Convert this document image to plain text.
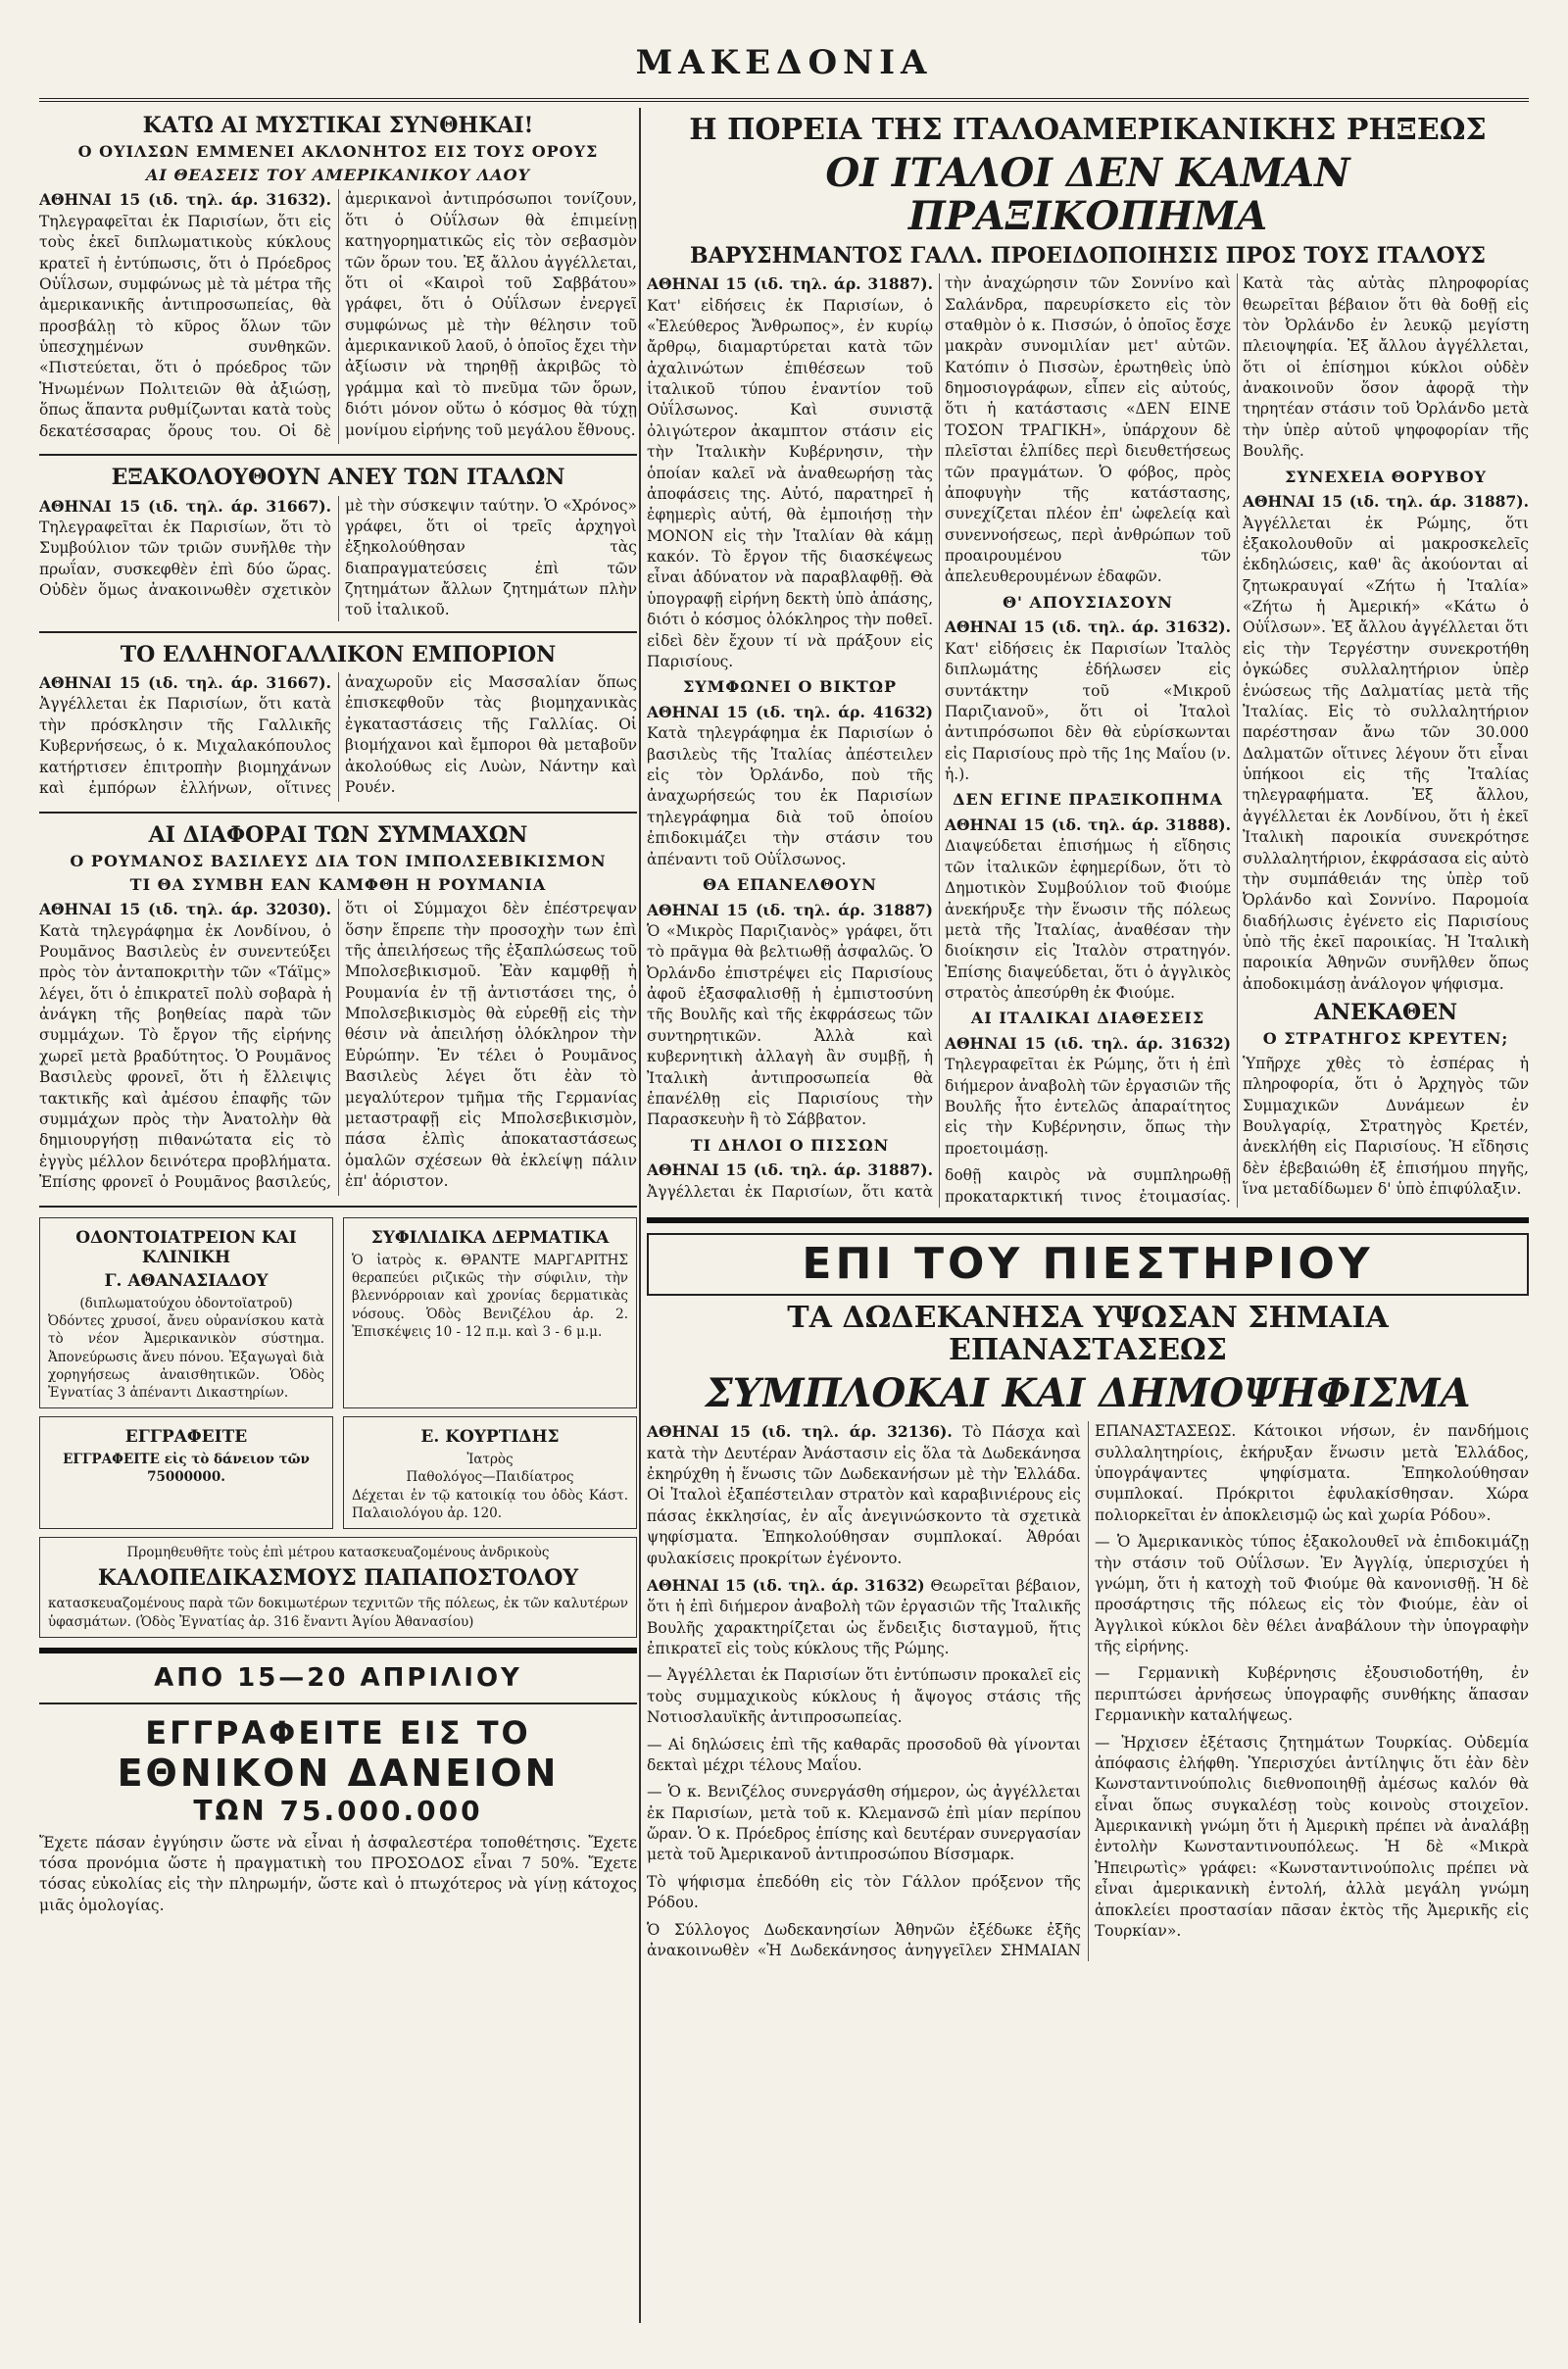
ΜΑΚΕΔΟΝΙΑ
ΚΑΤΩ ΑΙ ΜΥΣΤΙΚΑΙ ΣΥΝΘΗΚΑΙ!
Ο ΟΥΙΛΣΩΝ ΕΜΜΕΝΕΙ ΑΚΛΟΝΗΤΟΣ ΕΙΣ ΤΟΥΣ ΟΡΟΥΣ
ΑΙ ΘΕΑΣΕΙΣ ΤΟΥ ΑΜΕΡΙΚΑΝΙΚΟΥ ΛΑΟΥ

ΑΘΗΝΑΙ 15 (ιδ. τηλ. άρ. 31632). Τηλεγραφεῖται ἐκ Παρισίων, ὅτι εἰς τοὺς ἐκεῖ διπλωματικοὺς κύκλους κρατεῖ ἡ ἐντύπωσις, ὅτι ὁ Πρόεδρος Οὐΐλσων, συμφώνως μὲ τὰ μέτρα τῆς ἀμερικανικῆς ἀντιπροσωπείας, θὰ προσβάλῃ τὸ κῦρος ὅλων τῶν ὑπεσχημένων συνθηκῶν. «Πιστεύεται, ὅτι ὁ πρόεδρος τῶν Ἡνωμένων Πολιτειῶν θὰ ἀξιώσῃ, ὅπως ἅπαντα ρυθμίζωνται κατὰ τοὺς δεκατέσσαρας ὅρους του. Οἱ δὲ ἀμερικανοὶ ἀντιπρόσωποι τονίζουν, ὅτι ὁ Οὐΐλσων θὰ ἐπιμείνῃ κατηγορηματικῶς εἰς τὸν σεβασμὸν τῶν ὅρων του. Ἐξ ἄλλου ἀγγέλλεται, ὅτι οἱ «Καιροὶ τοῦ Σαββάτου» γράφει, ὅτι ὁ Οὐΐλσων ἐνεργεῖ συμφώνως μὲ τὴν θέλησιν τοῦ ἀμερικανικοῦ λαοῦ, ὁ ὁποῖος ἔχει τὴν ἀξίωσιν νὰ τηρηθῇ ἀκριβῶς τὸ γράμμα καὶ τὸ πνεῦμα τῶν ὅρων, διότι μόνον οὕτω ὁ κόσμος θὰ τύχῃ μονίμου εἰρήνης τοῦ μεγάλου ἔθνους.

ΕΞΑΚΟΛΟΥΘΟΥΝ ΑΝΕΥ ΤΩΝ ΙΤΑΛΩΝ

ΑΘΗΝΑΙ 15 (ιδ. τηλ. άρ. 31667). Τηλεγραφεῖται ἐκ Παρισίων, ὅτι τὸ Συμβούλιον τῶν τριῶν συνῆλθε τὴν πρωΐαν, συσκεφθὲν ἐπὶ δύο ὥρας. Οὐδὲν ὅμως ἀνακοινωθὲν σχετικὸν μὲ τὴν σύσκεψιν ταύτην. Ὁ «Χρόνος» γράφει, ὅτι οἱ τρεῖς ἀρχηγοὶ ἐξηκολούθησαν τὰς διαπραγματεύσεις ἐπὶ τῶν ζητημάτων ἄλλων ζητημάτων πλὴν τοῦ ἰταλικοῦ.

ΤΟ ΕΛΛΗΝΟΓΑΛΛΙΚΟΝ ΕΜΠΟΡΙΟΝ

ΑΘΗΝΑΙ 15 (ιδ. τηλ. άρ. 31667). Ἀγγέλλεται ἐκ Παρισίων, ὅτι κατὰ τὴν πρόσκλησιν τῆς Γαλλικῆς Κυβερνήσεως, ὁ κ. Μιχαλακόπουλος κατήρτισεν ἐπιτροπὴν βιομηχάνων καὶ ἐμπόρων ἑλλήνων, οἵτινες ἀναχωροῦν εἰς Μασσαλίαν ὅπως ἐπισκεφθοῦν τὰς βιομηχανικὰς ἐγκαταστάσεις τῆς Γαλλίας. Οἱ βιομήχανοι καὶ ἔμποροι θὰ μεταβοῦν ἀκολούθως εἰς Λυὼν, Νάντην καὶ Ρουέν.

ΑΙ ΔΙΑΦΟΡΑΙ ΤΩΝ ΣΥΜΜΑΧΩΝ
Ο ΡΟΥΜΑΝΟΣ ΒΑΣΙΛΕΥΣ ΔΙΑ ΤΟΝ ΙΜΠΟΛΣΕΒΙΚΙΣΜΟΝ
ΤΙ ΘΑ ΣΥΜΒΗ ΕΑΝ ΚΑΜΦΘΗ Η ΡΟΥΜΑΝΙΑ

ΑΘΗΝΑΙ 15 (ιδ. τηλ. άρ. 32030). Κατὰ τηλεγράφημα ἐκ Λονδίνου, ὁ Ρουμᾶνος Βασιλεὺς ἐν συνεντεύξει πρὸς τὸν ἀνταποκριτὴν τῶν «Τάϊμς» λέγει, ὅτι ὁ ἐπικρατεῖ πολὺ σοβαρὰ ἡ ἀνάγκη τῆς βοηθείας παρὰ τῶν συμμάχων. Τὸ ἔργον τῆς εἰρήνης χωρεῖ μετὰ βραδύτητος. Ὁ Ρουμᾶνος Βασιλεὺς φρονεῖ, ὅτι ἡ ἔλλειψις τακτικῆς καὶ ἀμέσου ἐπαφῆς τῶν συμμάχων πρὸς τὴν Ἀνατολὴν θὰ δημιουργήσῃ πιθανώτατα εἰς τὸ ἐγγὺς μέλλον δεινότερα προβλήματα. Ἐπίσης φρονεῖ ὁ Ρουμᾶνος βασιλεύς, ὅτι οἱ Σύμμαχοι δὲν ἐπέστρεψαν ὅσην ἔπρεπε τὴν προσοχὴν των ἐπὶ τῆς ἀπειλήσεως τῆς ἐξαπλώσεως τοῦ Μπολσεβικισμοῦ. Ἐὰν καμφθῇ ἡ Ρουμανία ἐν τῇ ἀντιστάσει της, ὁ Μπολσεβικισμὸς θὰ εὐρεθῇ εἰς τὴν θέσιν νὰ ἀπειλήσῃ ὁλόκληρον τὴν Εὐρώπην. Ἐν τέλει ὁ Ρουμᾶνος Βασιλεὺς λέγει ὅτι ἐὰν τὸ μεγαλύτερον τμῆμα τῆς Γερμανίας μεταστραφῇ εἰς Μπολσεβικισμὸν, πάσα ἐλπὶς ἀποκαταστάσεως ὁμαλῶν σχέσεων θὰ ἐκλείψῃ πάλιν ἐπ' ἀόριστον.

ΟΔΟΝΤΟΙΑΤΡΕΙΟΝ ΚΑΙ ΚΛΙΝΙΚΗ
Γ. ΑΘΑΝΑΣΙΑΔΟΥ
(διπλωματούχου ὀδοντοϊατροῦ)
Ὀδόντες χρυσοί, ἄνευ οὐρανίσκου κατὰ τὸ νέον Ἀμερικανικὸν σύστημα. Ἀπονεύρωσις ἄνευ πόνου. Ἐξαγωγαὶ διὰ χορηγήσεως ἀναισθητικῶν. Ὁδὸς Ἐγνατίας 3 ἀπέναντι Δικαστηρίων.
ΣΥΦΙΛΙΔΙΚΑ ΔΕΡΜΑΤΙΚΑ
Ὁ ἰατρὸς κ. ΘΡΑΝΤΕ ΜΑΡΓΑΡΙΤΗΣ θεραπεύει ριζικῶς τὴν σύφιλιν, τὴν βλεννόρροιαν καὶ χρονίας δερματικὰς νόσους. Ὁδὸς Βενιζέλου ἀρ. 2. Ἐπισκέψεις 10 - 12 π.μ. καὶ 3 - 6 μ.μ.
ΕΓΓΡΑΦΕΙΤΕ
ΕΓΓΡΑΦΕΙΤΕ εἰς τὸ δάνειον τῶν 75000000.
Ε. ΚΟΥΡΤΙΔΗΣ
Ἰατρὸς
Παθολόγος—Παιδίατρος
Δέχεται ἐν τῷ κατοικίᾳ του ὁδὸς Κάστ. Παλαιολόγου ἀρ. 120.
Προμηθευθῆτε τοὺς ἐπὶ μέτρου κατασκευαζομένους ἀνδρικοὺς
ΚΑΛΟΠΕΔΙΚΑΣΜΟΥΣ ΠΑΠΑΠΟΣΤΟΛΟΥ
κατασκευαζομένους παρὰ τῶν δοκιμωτέρων τεχνιτῶν τῆς πόλεως, ἐκ τῶν καλυτέρων ὑφασμάτων. (Ὁδὸς Ἐγνατίας ἀρ. 316 ἔναντι Ἁγίου Ἀθανασίου)
ΑΠΟ 15—20 ΑΠΡΙΛΙΟΥ
ΕΓΓΡΑΦΕΙΤΕ ΕΙΣ ΤΟ
ΕΘΝΙΚΟΝ ΔΑΝΕΙΟΝ
ΤΩΝ 75.000.000

Ἔχετε πάσαν ἐγγύησιν ὥστε νὰ εἶναι ἡ ἀσφαλεστέρα τοποθέτησις. Ἔχετε τόσα προνόμια ὥστε ἡ πραγματικὴ του ΠΡΟΣΟΔΟΣ εἶναι 7 50%. Ἔχετε τόσας εὐκολίας εἰς τὴν πληρωμήν, ὥστε καὶ ὁ πτωχότερος νὰ γίνῃ κάτοχος μιᾶς ὁμολογίας.

Η ΠΟΡΕΙΑ ΤΗΣ ΙΤΑΛΟΑΜΕΡΙΚΑΝΙΚΗΣ ΡΗΞΕΩΣ
ΟΙ ΙΤΑΛΟΙ ΔΕΝ ΚΑΜΑΝ ΠΡΑΞΙΚΟΠΗΜΑ
ΒΑΡΥΣΗΜΑΝΤΟΣ ΓΑΛΛ. ΠΡΟΕΙΔΟΠΟΙΗΣΙΣ ΠΡΟΣ ΤΟΥΣ ΙΤΑΛΟΥΣ

ΑΘΗΝΑΙ 15 (ιδ. τηλ. άρ. 31887). Κατ' εἰδήσεις ἐκ Παρισίων, ὁ «Ἐλεύθερος Ἄνθρωπος», ἐν κυρίῳ ἄρθρῳ, διαμαρτύρεται κατὰ τῶν ἀχαλινώτων ἐπιθέσεων τοῦ ἰταλικοῦ τύπου ἐναντίον τοῦ Οὐΐλσωνος. Καὶ συνιστᾷ ὀλιγώτερον ἀκαμπτον στάσιν εἰς τὴν Ἰταλικὴν Κυβέρνησιν, τὴν ὁποίαν καλεῖ νὰ ἀναθεωρήσῃ τὰς ἀποφάσεις της. Αὐτό, παρατηρεῖ ἡ ἐφημερὶς αὐτή, θὰ ἐμποιήσῃ τὴν ΜΟΝΟΝ εἰς τὴν Ἰταλίαν θὰ κάμῃ κακόν. Τὸ ἔργον τῆς διασκέψεως εἶναι ἀδύνατον νὰ παραβλαφθῇ. Θὰ ὑπογραφῇ εἰρήνη δεκτὴ ὑπὸ ἁπάσης, διότι ὁ κόσμος ὁλόκληρος τὴν ποθεῖ. εἰδεὶ δὲν ἔχουν τί νὰ πράξουν εἰς Παρισίους.

ΣΥΜΦΩΝΕΙ Ο ΒΙΚΤΩΡ

ΑΘΗΝΑΙ 15 (ιδ. τηλ. άρ. 41632) Κατὰ τηλεγράφημα ἐκ Παρισίων ὁ βασιλεὺς τῆς Ἰταλίας ἀπέστειλεν εἰς τὸν Ὀρλάνδο, ποὺ τῆς ἀναχωρήσεώς του ἐκ Παρισίων τηλεγράφημα διὰ τοῦ ὁποίου ἐπιδοκιμάζει τὴν στάσιν του ἀπέναντι τοῦ Οὐΐλσωνος.

ΘΑ ΕΠΑΝΕΛΘΟΥΝ

ΑΘΗΝΑΙ 15 (ιδ. τηλ. άρ. 31887) Ὁ «Μικρὸς Παριζιανὸς» γράφει, ὅτι τὸ πρᾶγμα θὰ βελτιωθῇ ἀσφαλῶς. Ὁ Ὀρλάνδο ἐπιστρέψει εἰς Παρισίους ἀφοῦ ἐξασφαλισθῇ ἡ ἐμπιστοσύνη τῆς Βουλῆς καὶ τῆς ἐκφράσεως τῶν συντηρητικῶν. Ἀλλὰ καὶ κυβερνητικὴ ἀλλαγὴ ἂν συμβῇ, ἡ Ἰταλικὴ ἀντιπροσωπεία θὰ ἐπανέλθῃ εἰς Παρισίους τὴν Παρασκευὴν ἢ τὸ Σάββατον.

ΤΙ ΔΗΛΟΙ Ο ΠΙΣΣΩΝ

ΑΘΗΝΑΙ 15 (ιδ. τηλ. άρ. 31887). Ἀγγέλλεται ἐκ Παρισίων, ὅτι κατὰ τὴν ἀναχώρησιν τῶν Σοννίνο καὶ Σαλάνδρα, παρευρίσκετο εἰς τὸν σταθμὸν ὁ κ. Πισσών, ὁ ὁποῖος ἔσχε μακρὰν συνομιλίαν μετ' αὐτῶν. Κατόπιν ὁ Πισσὼν, ἐρωτηθεὶς ὑπὸ δημοσιογράφων, εἶπεν εἰς αὐτούς, ὅτι ἡ κατάστασις «ΔΕΝ ΕΙΝΕ ΤΟΣΟΝ ΤΡΑΓΙΚΗ», ὑπάρχουν δὲ πλεῖσται ἐλπίδες περὶ διευθετήσεως τῶν πραγμάτων. Ὁ φόβος, πρὸς ἀποφυγὴν τῆς κατάστασης, συνεχίζεται πλέον ἐπ' ὠφελείᾳ καὶ συνεννοήσεως, περὶ ἀνθρώπων τοῦ προαιρουμένου τῶν ἀπελευθερουμένων ἐδαφῶν.

Θ' ΑΠΟΥΣΙΑΣΟΥΝ

ΑΘΗΝΑΙ 15 (ιδ. τηλ. άρ. 31632). Κατ' εἰδήσεις ἐκ Παρισίων Ἰταλὸς διπλωμάτης ἐδήλωσεν εἰς συντάκτην τοῦ «Μικροῦ Παριζιανοῦ», ὅτι οἱ Ἰταλοὶ ἀντιπρόσωποι δὲν θὰ εὑρίσκωνται εἰς Παρισίους πρὸ τῆς 1ης Μαΐου (ν. ἡ.).

ΔΕΝ ΕΓΙΝΕ ΠΡΑΞΙΚΟΠΗΜΑ

ΑΘΗΝΑΙ 15 (ιδ. τηλ. άρ. 31888). Διαψεύδεται ἐπισήμως ἡ εἴδησις τῶν ἰταλικῶν ἐφημερίδων, ὅτι τὸ Δημοτικὸν Συμβούλιον τοῦ Φιούμε ἀνεκήρυξε τὴν ἕνωσιν τῆς πόλεως μετὰ τῆς Ἰταλίας, ἀναθέσαν τὴν διοίκησιν εἰς Ἰταλὸν στρατηγόν. Ἐπίσης διαψεύδεται, ὅτι ὁ ἀγγλικὸς στρατὸς ἀπεσύρθη ἐκ Φιούμε.

ΑΙ ΙΤΑΛΙΚΑΙ ΔΙΑΘΕΣΕΙΣ

ΑΘΗΝΑΙ 15 (ιδ. τηλ. άρ. 31632) Τηλεγραφεῖται ἐκ Ρώμης, ὅτι ἡ ἐπὶ διήμερον ἀναβολὴ τῶν ἐργασιῶν τῆς Βουλῆς ἦτο ἐντελῶς ἀπαραίτητος εἰς τὴν Κυβέρνησιν, ὅπως τὴν προετοιμάσῃ.

δοθῇ καιρὸς νὰ συμπληρωθῇ προκαταρκτική τινος ἐτοιμασίας. Κατὰ τὰς αὐτὰς πληροφορίας θεωρεῖται βέβαιον ὅτι θὰ δοθῇ εἰς τὸν Ὀρλάνδο ἐν λευκῷ μεγίστη πλειοψηφία. Ἐξ ἄλλου ἀγγέλλεται, ὅτι οἱ ἐπίσημοι κύκλοι οὐδὲν ἀνακοινοῦν ὅσον ἀφορᾷ τὴν τηρητέαν στάσιν τοῦ Ὀρλάνδο μετὰ τὴν ὑπὲρ αὐτοῦ ψηφοφορίαν τῆς Βουλῆς.

ΣΥΝΕΧΕΙΑ ΘΟΡΥΒΟΥ

ΑΘΗΝΑΙ 15 (ιδ. τηλ. άρ. 31887). Ἀγγέλλεται ἐκ Ρώμης, ὅτι ἐξακολουθοῦν αἱ μακροσκελεῖς ἐκδηλώσεις, καθ' ἃς ἀκούονται αἱ ζητωκραυγαί «Ζήτω ἡ Ἰταλία» «Ζήτω ἡ Ἀμερική» «Κάτω ὁ Οὐΐλσων». Ἐξ ἄλλου ἀγγέλλεται ὅτι εἰς τὴν Τεργέστην συνεκροτήθη ὀγκώδες συλλαλητήριον ὑπὲρ ἑνώσεως τῆς Δαλματίας μετὰ τῆς Ἰταλίας. Εἰς τὸ συλλαλητήριον παρέστησαν ἄνω τῶν 30.000 Δαλματῶν οἵτινες λέγουν ὅτι εἶναι ὑπήκοοι εἰς τῆς Ἰταλίας τηλεγραφήματα. Ἐξ ἄλλου, ἀγγέλλεται ἐκ Λονδίνου, ὅτι ἡ ἐκεῖ Ἰταλικὴ παροικία συνεκρότησε συλλαλητήριον, ἐκφράσασα εἰς αὐτὸ τὴν συμπάθειάν της ὑπὲρ τοῦ Ὀρλάνδο καὶ Σοννίνο. Παρομοία διαδήλωσις ἐγένετο εἰς Παρισίους ὑπὸ τῆς ἐκεῖ παροικίας. Ἡ Ἰταλικὴ παροικία Ἀθηνῶν συνῆλθεν ὅπως ἀποδοκιμάσῃ ἀνάλογον ψήφισμα.

ΑΝΕΚΑΘΕΝ
Ο ΣΤΡΑΤΗΓΟΣ ΚΡΕΥΤΕΝ;

Ὑπῆρχε χθὲς τὸ ἑσπέρας ἡ πληροφορία, ὅτι ὁ Ἀρχηγὸς τῶν Συμμαχικῶν Δυνάμεων ἐν Βουλγαρίᾳ, Στρατηγὸς Κρετέν, ἀνεκλήθη εἰς Παρισίους. Ἡ εἴδησις δὲν ἐβεβαιώθη ἐξ ἐπισήμου πηγῆς, ἵνα μεταδίδωμεν δ' ὑπὸ ἐπιφύλαξιν.

ΕΠΙ ΤΟΥ ΠΙΕΣΤΗΡΙΟΥ
ΤΑ ΔΩΔΕΚΑΝΗΣΑ ΥΨΩΣΑΝ ΣΗΜΑΙΑ ΕΠΑΝΑΣΤΑΣΕΩΣ
ΣΥΜΠΛΟΚΑΙ ΚΑΙ ΔΗΜΟΨΗΦΙΣΜΑ

ΑΘΗΝΑΙ 15 (ιδ. τηλ. άρ. 32136). Τὸ Πάσχα καὶ κατὰ τὴν Δευτέραν Ἀνάστασιν εἰς ὅλα τὰ Δωδεκάνησα ἐκηρύχθη ἡ ἕνωσις τῶν Δωδεκανήσων μὲ τὴν Ἑλλάδα. Οἱ Ἰταλοὶ ἐξαπέστειλαν στρατὸν καὶ καραβινιέρους εἰς πάσας ἐκκλησίας, ἐν αἷς ἀνεγινώσκοντο τὰ σχετικὰ ψηφίσματα. Ἐπηκολούθησαν συμπλοκαί. Ἀθρόαι φυλακίσεις προκρίτων ἐγένοντο.

ΑΘΗΝΑΙ 15 (ιδ. τηλ. άρ. 31632) Θεωρεῖται βέβαιον, ὅτι ἡ ἐπὶ διήμερον ἀναβολὴ τῶν ἐργασιῶν τῆς Ἰταλικῆς Βουλῆς χαρακτηρίζεται ὡς ἔνδειξις δισταγμοῦ, ἥτις ἐπικρατεῖ εἰς τοὺς κύκλους τῆς Ρώμης.

— Ἀγγέλλεται ἐκ Παρισίων ὅτι ἐντύπωσιν προκαλεῖ εἰς τοὺς συμμαχικοὺς κύκλους ἡ ἄψογος στάσις τῆς Νοτιοσλαυϊκῆς ἀντιπροσωπείας.

— Αἱ δηλώσεις ἐπὶ τῆς καθαρᾶς προσοδοῦ θὰ γίνονται δεκταὶ μέχρι τέλους Μαΐου.

— Ὁ κ. Βενιζέλος συνεργάσθη σήμερον, ὡς ἀγγέλλεται ἐκ Παρισίων, μετὰ τοῦ κ. Κλεμανσῶ ἐπὶ μίαν περίπου ὥραν. Ὁ κ. Πρόεδρος ἐπίσης καὶ δευτέραν συνεργασίαν μετὰ τοῦ Ἀμερικανοῦ ἀντιπροσώπου Βίσσμαρκ.

Τὸ ψήφισμα ἐπεδόθη εἰς τὸν Γάλλον πρόξενον τῆς Ρόδου.

Ὁ Σύλλογος Δωδεκανησίων Ἀθηνῶν ἐξέδωκε ἐξῆς ἀνακοινωθὲν «Ἡ Δωδεκάνησος ἀνηγγεῖλεν ΣΗΜΑΙΑΝ ΕΠΑΝΑΣΤΑΣΕΩΣ. Κάτοικοι νήσων, ἐν πανδήμοις συλλαλητηρίοις, ἐκήρυξαν ἕνωσιν μετὰ Ἑλλάδος, ὑπογράψαντες ψηφίσματα. Ἐπηκολούθησαν συμπλοκαί. Πρόκριτοι ἐφυλακίσθησαν. Χώρα πολιορκεῖται ἐν ἀποκλεισμῷ ὡς καὶ χωρία Ρόδου».

— Ὁ Ἀμερικανικὸς τύπος ἐξακολουθεῖ νὰ ἐπιδοκιμάζῃ τὴν στάσιν τοῦ Οὐΐλσων. Ἐν Ἀγγλίᾳ, ὑπερισχύει ἡ γνώμη, ὅτι ἡ κατοχὴ τοῦ Φιούμε θὰ κανονισθῇ. Ἡ δὲ προσάρτησις τῆς πόλεως εἰς τὸν Φιούμε, ἐὰν οἱ Ἀγγλικοὶ κύκλοι δὲν θέλει ἀναβάλουν τὴν ὑπογραφὴν τῆς εἰρήνης.

— Γερμανικὴ Κυβέρνησις ἐξουσιοδοτήθη, ἐν περιπτώσει ἀρνήσεως ὑπογραφῆς συνθήκης ἅπασαν Γερμανικὴν καταλήψεως.

— Ἠρχισεν ἐξέτασις ζητημάτων Τουρκίας. Οὐδεμία ἀπόφασις ἐλήφθη. Ὑπερισχύει ἀντίληψις ὅτι ἐὰν δὲν Κωνσταντινούπολις διεθνοποιηθῇ ἀμέσως καλόν θὰ εἶναι ὅπως συγκαλέσῃ τοὺς κοινοὺς στοιχεῖον. Ἀμερικανικὴ γνώμη ὅτι ἡ Ἀμερικὴ πρέπει νὰ ἀναλάβῃ ἐντολὴν Κωνσταντινουπόλεως. Ἡ δὲ «Μικρὰ Ἠπειρωτὶς» γράφει: «Κωνσταντινούπολις πρέπει νὰ εἶναι ἀμερικανικὴ ἐντολή, ἀλλὰ μεγάλη γνώμη ἀποκλείει προστασίαν πᾶσαν ἐκτὸς τῆς Ἀμερικῆς εἰς Τουρκίαν».
